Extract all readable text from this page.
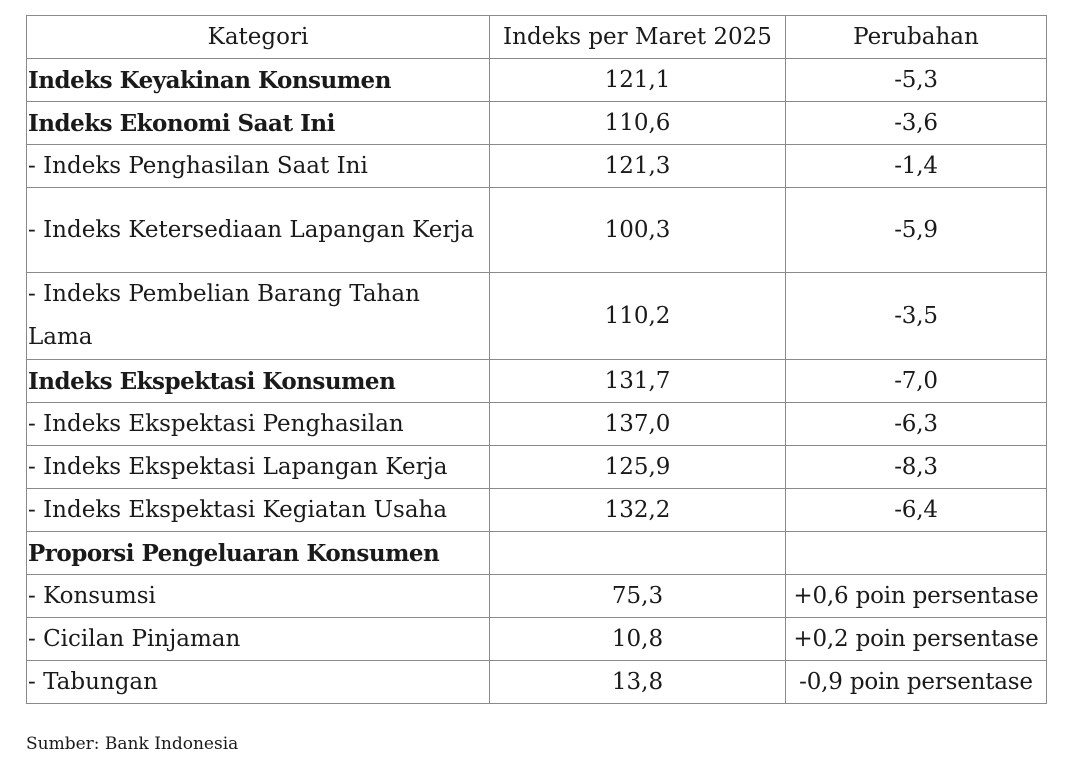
Kategori	Indeks per Maret 2025	Perubahan
Indeks Keyakinan Konsumen	121,1	-5,3
Indeks Ekonomi Saat Ini	110,6	-3,6
- Indeks Penghasilan Saat Ini	121,3	-1,4
- Indeks Ketersediaan Lapangan Kerja	100,3	-5,9
- Indeks Pembelian Barang Tahan Lama	110,2	-3,5
Indeks Ekspektasi Konsumen	131,7	-7,0
- Indeks Ekspektasi Penghasilan	137,0	-6,3
- Indeks Ekspektasi Lapangan Kerja	125,9	-8,3
- Indeks Ekspektasi Kegiatan Usaha	132,2	-6,4
Proporsi Pengeluaran Konsumen		
- Konsumsi	75,3	+0,6 poin persentase
- Cicilan Pinjaman	10,8	+0,2 poin persentase
- Tabungan	13,8	-0,9 poin persentase
Sumber: Bank Indonesia
